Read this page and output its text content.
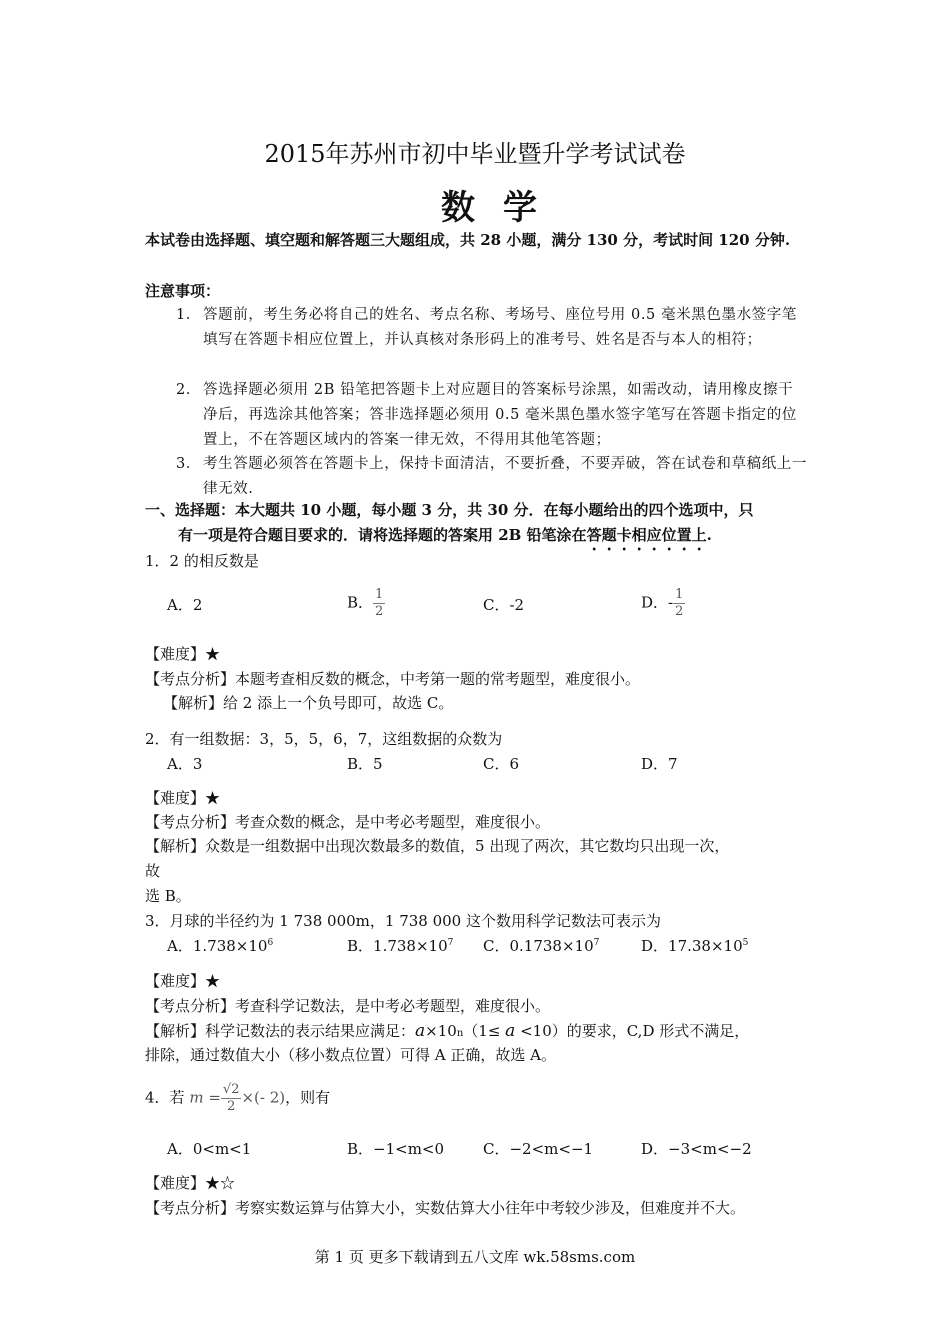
2015年苏州市初中毕业暨升学考试试卷
数学
本试卷由选择题、填空题和解答题三大题组成，共 28 小题，满分 130 分，考试时间 120 分钟.
注意事项：
1． 答题前，考生务必将自己的姓名、考点名称、考场号、座位号用 0.5 毫米黑色墨水签字笔填写在答题卡相应位置上，并认真核对条形码上的准考号、姓名是否与本人的相符；
2． 答选择题必须用 2B 铅笔把答题卡上对应题目的答案标号涂黑，如需改动，请用橡皮擦干净后，再选涂其他答案；答非选择题必须用 0.5 毫米黑色墨水签字笔写在答题卡指定的位置上，不在答题区域内的答案一律无效，不得用其他笔答题；
3． 考生答题必须答在答题卡上，保持卡面清洁，不要折叠，不要弄破，答在试卷和草稿纸上一律无效.
一、选择题：本大题共 10 小题，每小题 3 分，共 30 分．在每小题给出的四个选项中，只
有一项是符合题目要求的．请将选择题的答案用 2B 铅笔涂在答题卡相应位置上.
1．2 的相反数是
A．2	B． $\frac{1}{2}$	C．-2	D．- $\frac{1}{2}$
【难度】★
【考点分析】本题考查相反数的概念，中考第一题的常考题型，难度很小。
【解析】给 2 添上一个负号即可，故选 C。
2．有一组数据：3，5，5，6，7，这组数据的众数为
A．3	B．5	C．6	D．7
【难度】★
【考点分析】考查众数的概念，是中考必考题型，难度很小。
【解析】众数是一组数据中出现次数最多的数值，5 出现了两次，其它数均只出现一次，
故
选 B。
3．月球的半径约为 1 738 000m，1 738 000 这个数用科学记数法可表示为
A．$1.738\times 10^6$	B．$1.738\times 10^7$ C．$0.1738\times 10^7$	D．$17.38\times 10^5$
【难度】★
【考点分析】考查科学记数法，是中考必考题型，难度很小。
【解析】科学记数法的表示结果应满足：a×10n（1≤ a <10）的要求，C,D 形式不满足，
排除，通过数值大小（移小数点位置）可得 A 正确，故选 A。
4．若 $m = \frac{√2}{2}$ ×(- 2)，则有
A．0<m<1	B．−1<m<0	C．−2<m<−1	D．−3<m<−2
【难度】★☆
【考点分析】考察实数运算与估算大小，实数估算大小往年中考较少涉及，但难度并不大。
第 1 页 更多下载请到五八文库 wk.58sms.com
